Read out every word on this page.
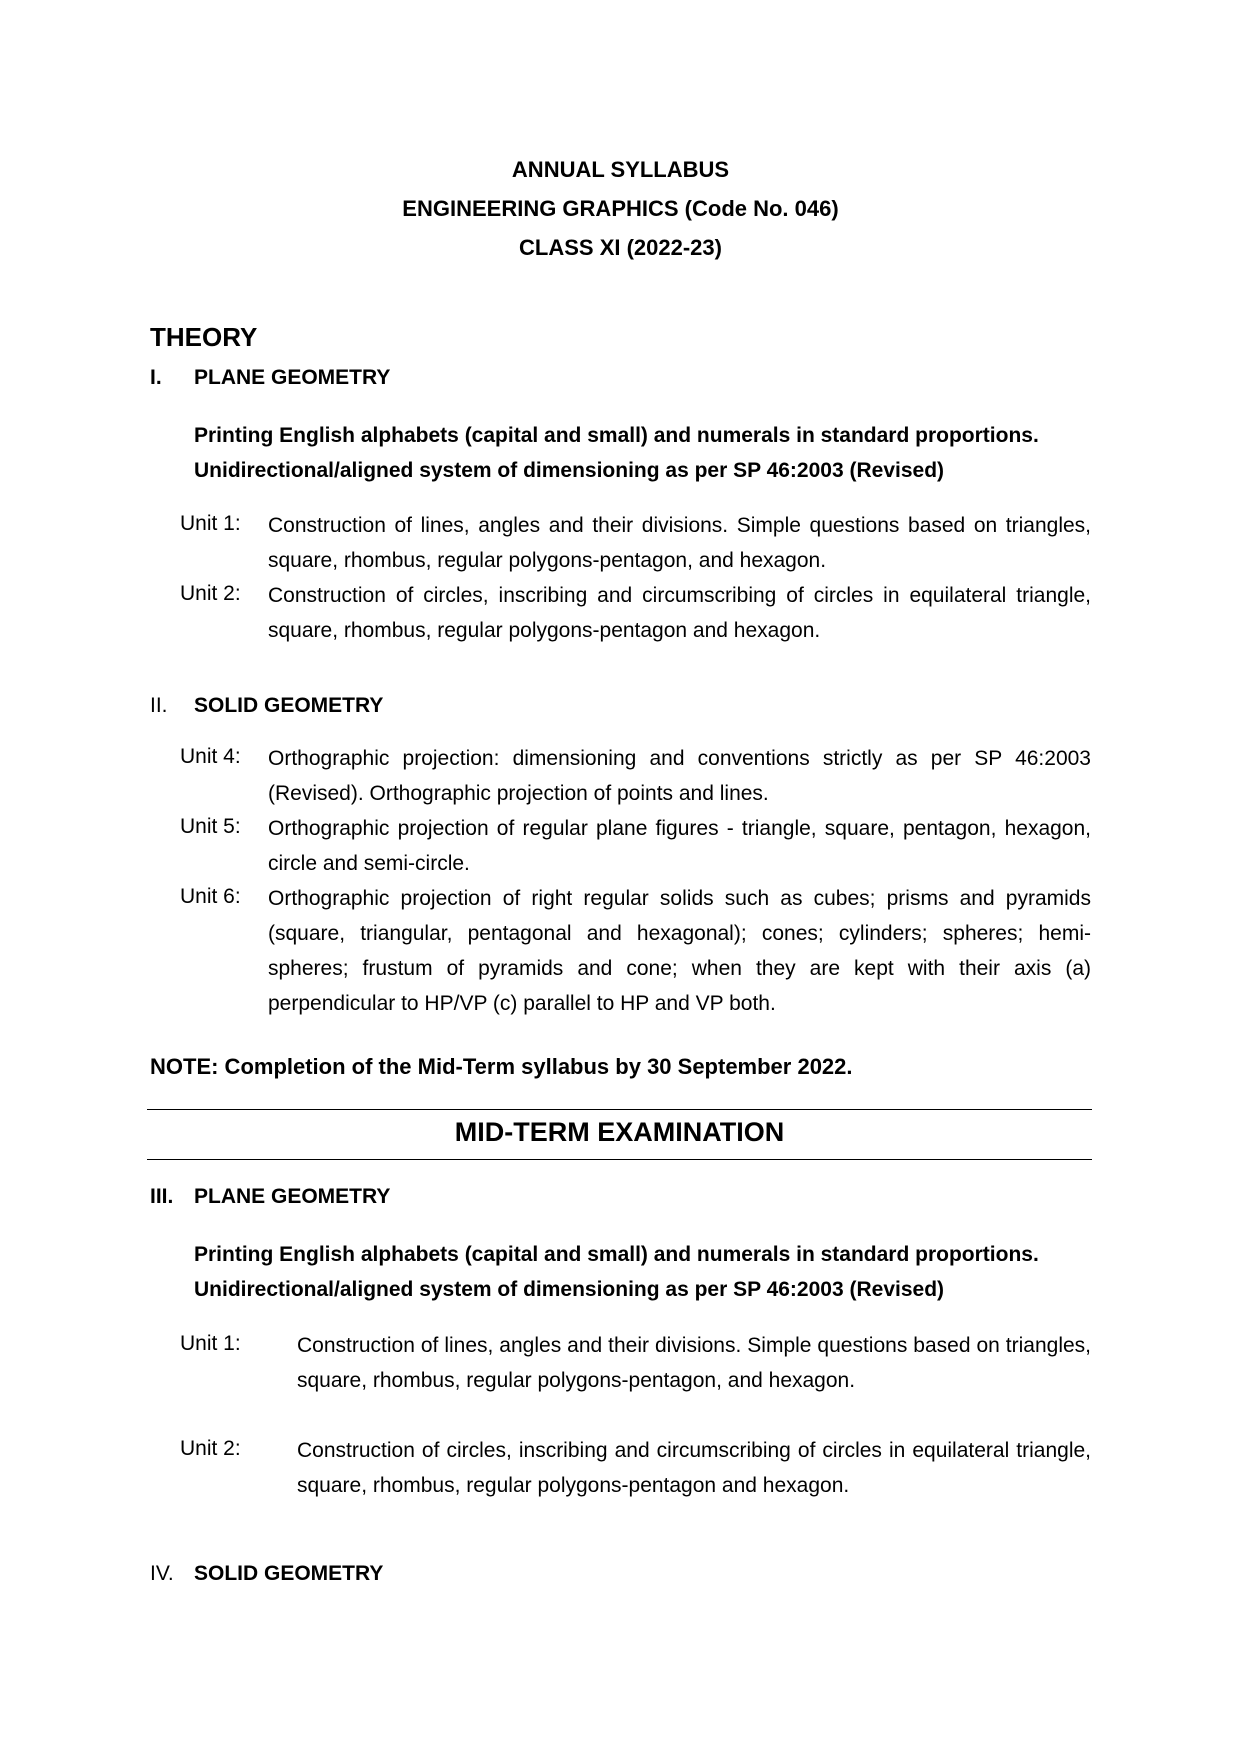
ANNUAL SYLLABUS
ENGINEERING GRAPHICS (Code No. 046)
CLASS XI (2022-23)
THEORY
I. PLANE GEOMETRY
Printing English alphabets (capital and small) and numerals in standard proportions.
Unidirectional/aligned system of dimensioning as per SP 46:2003 (Revised)
Unit 1: Construction of lines, angles and their divisions. Simple questions based on triangles, square, rhombus, regular polygons-pentagon, and hexagon.
Unit 2: Construction of circles, inscribing and circumscribing of circles in equilateral triangle, square, rhombus, regular polygons-pentagon and hexagon.
II. SOLID GEOMETRY
Unit 4: Orthographic projection: dimensioning and conventions strictly as per SP 46:2003 (Revised). Orthographic projection of points and lines.
Unit 5: Orthographic projection of regular plane figures - triangle, square, pentagon, hexagon, circle and semi-circle.
Unit 6: Orthographic projection of right regular solids such as cubes; prisms and pyramids (square, triangular, pentagonal and hexagonal); cones; cylinders; spheres; hemi-spheres; frustum of pyramids and cone; when they are kept with their axis (a) perpendicular to HP/VP (c) parallel to HP and VP both.
NOTE: Completion of the Mid-Term syllabus by 30 September 2022.
MID-TERM EXAMINATION
III. PLANE GEOMETRY
Printing English alphabets (capital and small) and numerals in standard proportions.
Unidirectional/aligned system of dimensioning as per SP 46:2003 (Revised)
Unit 1:	Construction of lines, angles and their divisions. Simple questions based on triangles, square, rhombus, regular polygons-pentagon, and hexagon.
Unit 2:	Construction of circles, inscribing and circumscribing of circles in equilateral triangle, square, rhombus, regular polygons-pentagon and hexagon.
IV. SOLID GEOMETRY
